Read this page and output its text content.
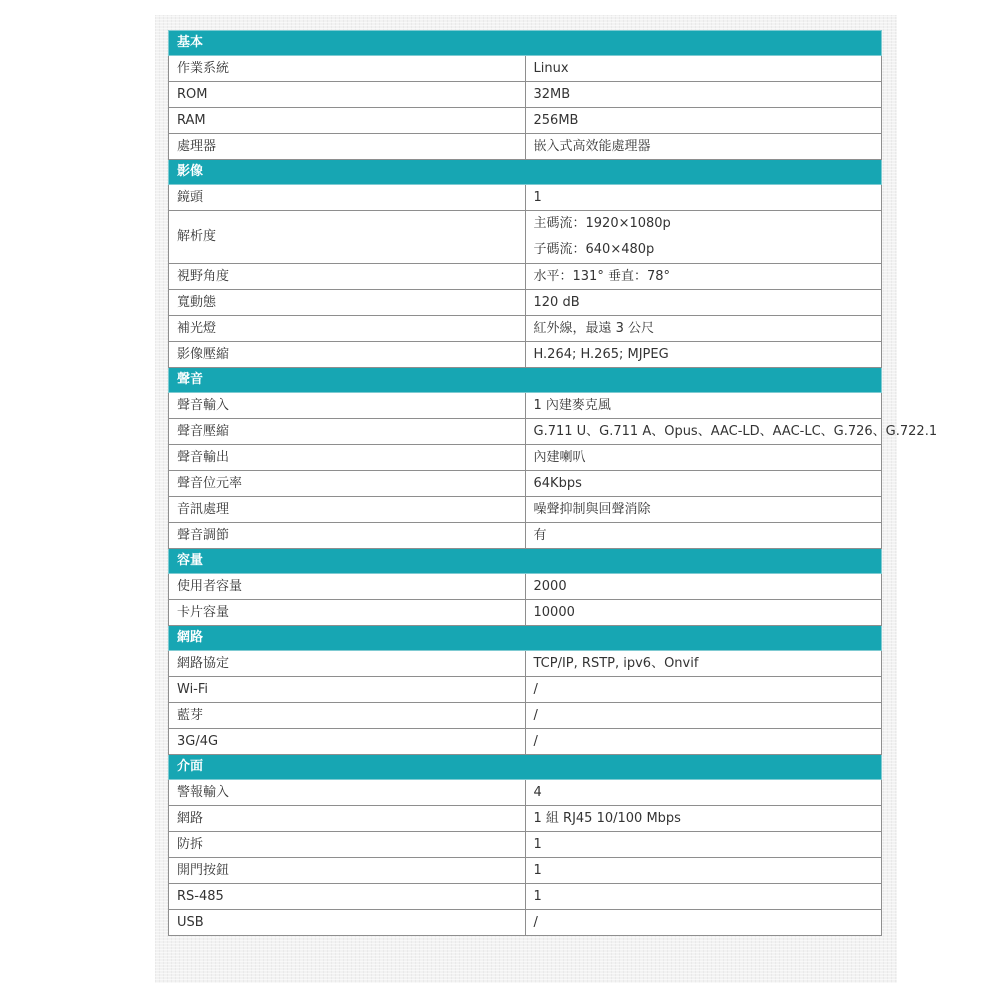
基本	
作業系統	Linux
ROM	32MB
RAM	256MB
處理器	嵌入式高效能處理器
影像	
鏡頭	1
解析度	主碼流：1920×1080p
子碼流：640×480p

視野角度	水平：131° 垂直：78°
寬動態	120 dB
補光燈	紅外線，最遠 3 公尺
影像壓縮	H.264; H.265; MJPEG
聲音	
聲音輸入	1 內建麥克風
聲音壓縮	G.711 U、G.711 A、Opus、AAC-LD、AAC-LC、G.726、G.722.1
聲音輸出	內建喇叭
聲音位元率	64Kbps
音訊處理	噪聲抑制與回聲消除
聲音調節	有
容量	
使用者容量	2000
卡片容量	10000
網路	
網路協定	TCP/IP, RSTP, ipv6、Onvif
Wi-Fi	/
藍芽	/
3G/4G	/
介面	
警報輸入	4
網路	1 組 RJ45 10/100 Mbps
防拆	1
開門按鈕	1
RS-485	1
USB	/
